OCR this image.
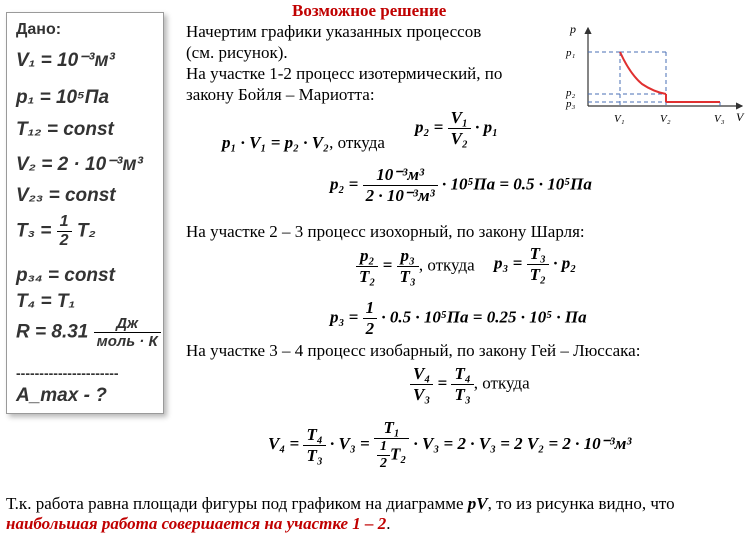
Дано:
V₁ = 10⁻³м³
p₁ = 10⁵Па
T₁₂ = const
V₂ = 2 · 10⁻³м³
V₂₃ = const
$T_3 = \frac{1}{2} T_2$
p₃₄ = const
T₄ = T₁
$R = 8.31 \frac{Дж}{\text{моль · К}}$
----------------------
A_max - ?
Возможное решение
Начертим графики указанных процессов
(см. рисунок).
На участке 1-2 процесс изотермический, по
закону Бойля – Мариотта:
p
V
p₁
p₂
p₃
V₁	V₂	V₃
p₁ · V₁ = p₂ · V₂, откуда
$p_2 = \frac{\text{V₁}}{\text{V₂}} \cdot p_1$
$p_2 = \frac{\text{10⁻³м³}}{\text{2 · 10⁻³м³}} \cdot 10^5Па = 0.5 \cdot 10^5Па$
На участке 2 – 3 процесс изохорный, по закону Шарля:
$\frac{\text{p₂}}{\text{T₂}} = \frac{\text{p₃}}{\text{T₃}}$ , откуда $p_3 = \frac{\text{T₃}}{\text{T₂}} \cdot p_2$
$p_3 = \frac{1}{2} \cdot 0.5 \cdot 10^5Па = 0.25 \cdot 10^5$ · Па
На участке 3 – 4 процесс изобарный, по закону Гей – Люссака:
$\frac{\text{V₄}}{\text{V₃}} = \frac{\text{T₄}}{\text{T₃}}$ , откуда
$V_4 = \frac{\text{T₄}}{\text{T₃}} \cdot V_3 = \frac{\text{T₁}}{\frac{1}{2} T_2} \cdot V_3 = 2 \cdot V_3 = 2$ V₂ = 2 · 10⁻³м³
Т.к. работа равна площади фигуры под графиком на диаграмме pV, то из рисунка видно, что
наибольшая работа совершается на участке 1 – 2.
